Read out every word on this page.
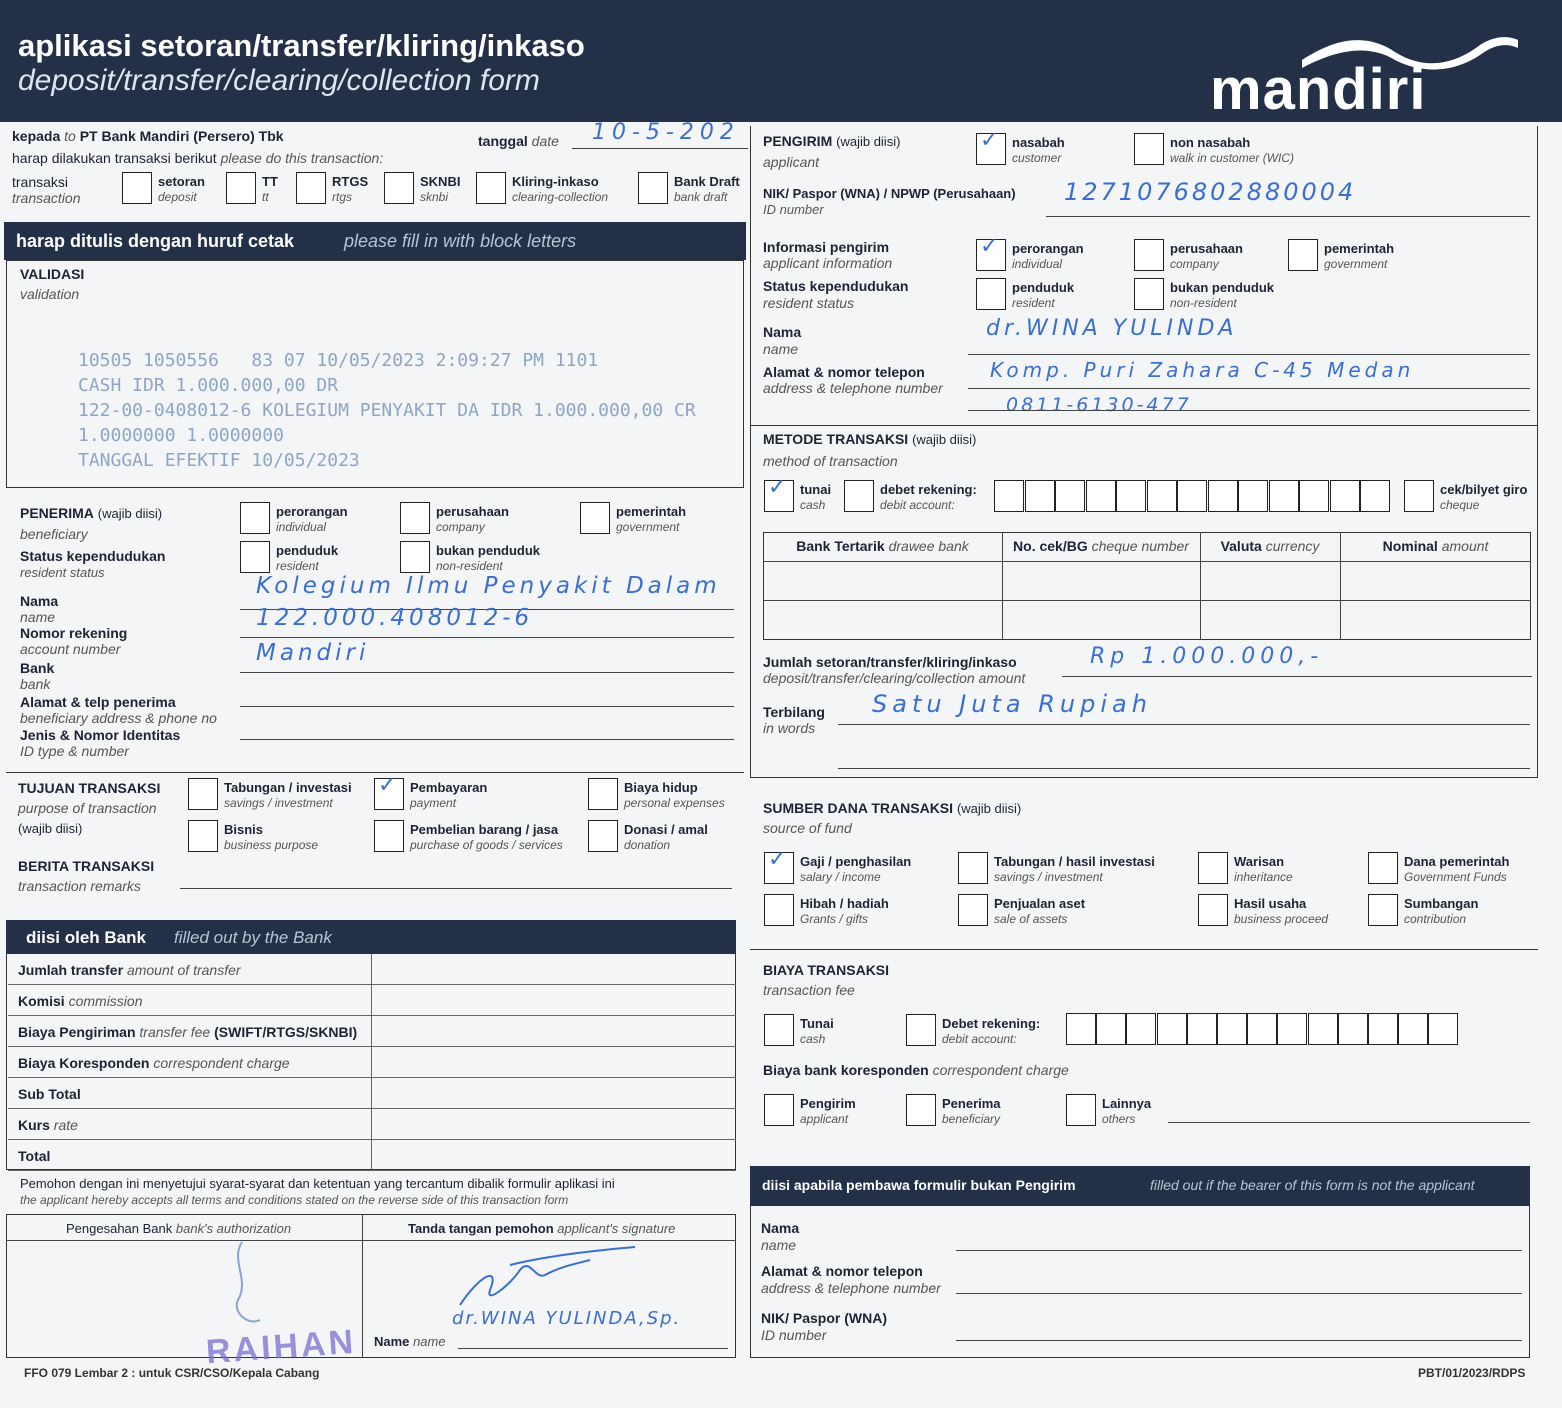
aplikasi setoran/transfer/kliring/inkaso
deposit/transfer/clearing/collection form	mandiri
kepada to PT Bank Mandiri (Persero) Tbk	tanggal date 10-5-202
harap dilakukan transaksi berikut please do this transaction:
transaksi
transaction
setoran
deposit
TT
tt
RTGS
rtgs
SKNBI
sknbi
Kliring-inkaso
clearing-collection
Bank Draft
bank draft
harap ditulis dengan huruf cetak	please fill in with block letters
VALIDASI
validation
10505 1050556   83 07 10/05/2023 2:09:27 PM 1101
CASH IDR 1.000.000,00 DR
122-00-0408012-6 KOLEGIUM PENYAKIT DA IDR 1.000.000,00 CR
1.0000000 1.0000000
TANGGAL EFEKTIF 10/05/2023
PENERIMA (wajib diisi)
beneficiary
Status kependudukan
resident status
perorangan
individual
perusahaan
company
pemerintah
government
penduduk
resident
bukan penduduk
non-resident
Nama
name
Kolegium Ilmu Penyakit Dalam
Nomor rekening
account number
122.000.408012-6
Bank
bank
Mandiri
Alamat & telp penerima
beneficiary address & phone no
Jenis & Nomor Identitas
ID type & number
TUJUAN TRANSAKSI
purpose of transaction
(wajib diisi)
Tabungan / investasi
savings / investment
✓ Pembayaran
payment
Biaya hidup
personal expenses
Bisnis
business purpose
Pembelian barang / jasa
purchase of goods / services
Donasi / amal
donation
BERITA TRANSAKSI
transaction remarks
diisi oleh Bank filled out by the Bank
Jumlah transfer amount of transfer
Komisi commission
Biaya Pengiriman transfer fee (SWIFT/RTGS/SKNBI)
Biaya Koresponden correspondent charge
Sub Total
Kurs rate
Total
Pemohon dengan ini menyetujui syarat-syarat dan ketentuan yang tercantum dibalik formulir aplikasi ini
the applicant hereby accepts all terms and conditions stated on the reverse side of this transaction form
Pengesahan Bank bank's authorization	Tanda tangan pemohon applicant's signature
dr.WINA YULINDA,Sp.
Name name
RAIHAN
FFO 079 Lembar 2 : untuk CSR/CSO/Kepala Cabang	PBT/01/2023/RDPS
PENGIRIM (wajib diisi)
applicant
✓ nasabah
customer
non nasabah
walk in customer (WIC)
NIK/ Paspor (WNA) / NPWP (Perusahaan)
ID number
1271076802880004
Informasi pengirim
applicant information
Status kependudukan
resident status
✓ perorangan
individual
perusahaan
company
pemerintah
government
penduduk
resident
bukan penduduk
non-resident
Nama
name
dr.WINA YULINDA
Alamat & nomor telepon
address & telephone number
Komp. Puri Zahara C-45 Medan
0811-6130-477
METODE TRANSAKSI (wajib diisi)
method of transaction
✓ tunai
cash
debet rekening:
debit account:
cek/bilyet giro
cheque
Bank Tertarik drawee bank	No. cek/BG cheque number	Valuta currency	Nominal amount
Jumlah setoran/transfer/kliring/inkaso
deposit/transfer/clearing/collection amount
Rp 1.000.000,-
Terbilang
in words
Satu Juta Rupiah
SUMBER DANA TRANSAKSI (wajib diisi)
source of fund
✓ Gaji / penghasilan
salary / income
Tabungan / hasil investasi
savings / investment
Warisan
inheritance
Dana pemerintah
Government Funds
Hibah / hadiah
Grants / gifts
Penjualan aset
sale of assets
Hasil usaha
business proceed
Sumbangan
contribution
BIAYA TRANSAKSI
transaction fee
Tunai
cash
Debet rekening:
debit account:
Biaya bank koresponden correspondent charge
Pengirim
applicant
Penerima
beneficiary
Lainnya
others
diisi apabila pembawa formulir bukan Pengirim	filled out if the bearer of this form is not the applicant
Nama
name
Alamat & nomor telepon
address & telephone number
NIK/ Paspor (WNA)
ID number
